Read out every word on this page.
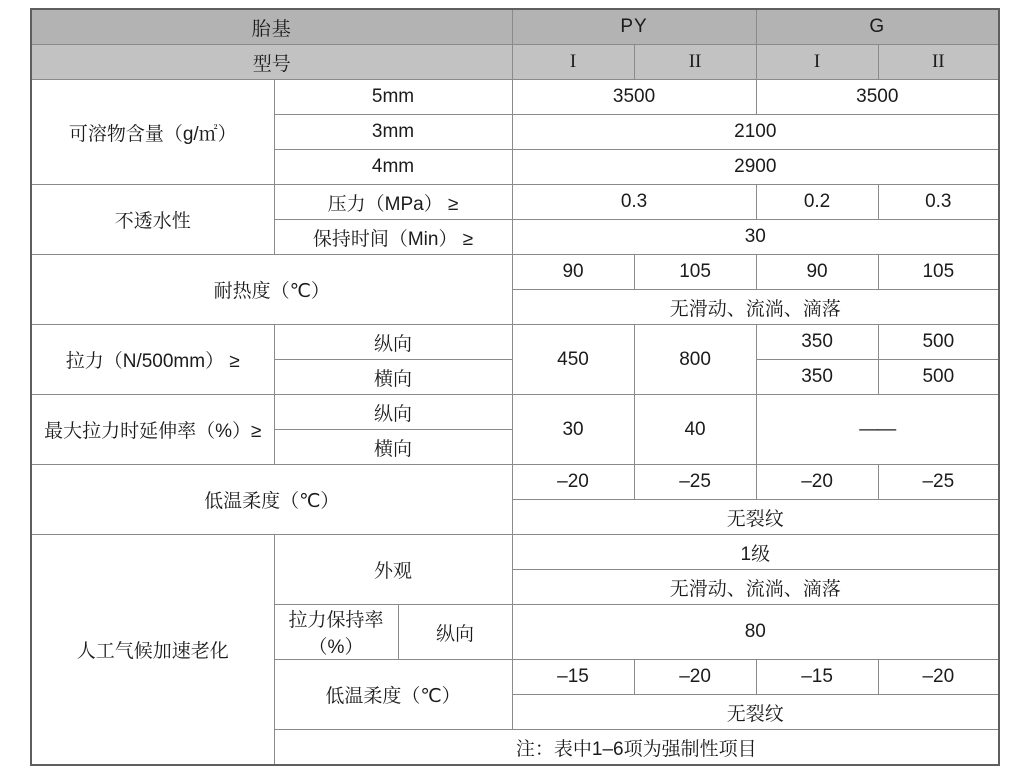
胎基			PY		G	
型号			I	II	I	II
可溶物含量（g/㎡）	5mm		3500		3500	
	3mm		2100			
	4mm		2900			
不透水性	压力（MPa） ≥		0.3		0.2	0.3
	保持时间（Min） ≥		30			
耐热度（℃）			90	105	90	105
			无滑动、流淌、滴落			
拉力（N/500mm） ≥	纵向		450	800	350	500
	横向				350	500
最大拉力时延伸率（%）≥	纵向		30	40	——	
	横向					
低温柔度（℃）			–20	–25	–20	–25
			无裂纹			
人工气候加速老化	外观		1级			
			无滑动、流淌、滴落			
	拉力保持率（%）	纵向	80			
	低温柔度（℃）		–15	–20	–15	–20
			无裂纹			
	注：表中1–6项为强制性项目					
